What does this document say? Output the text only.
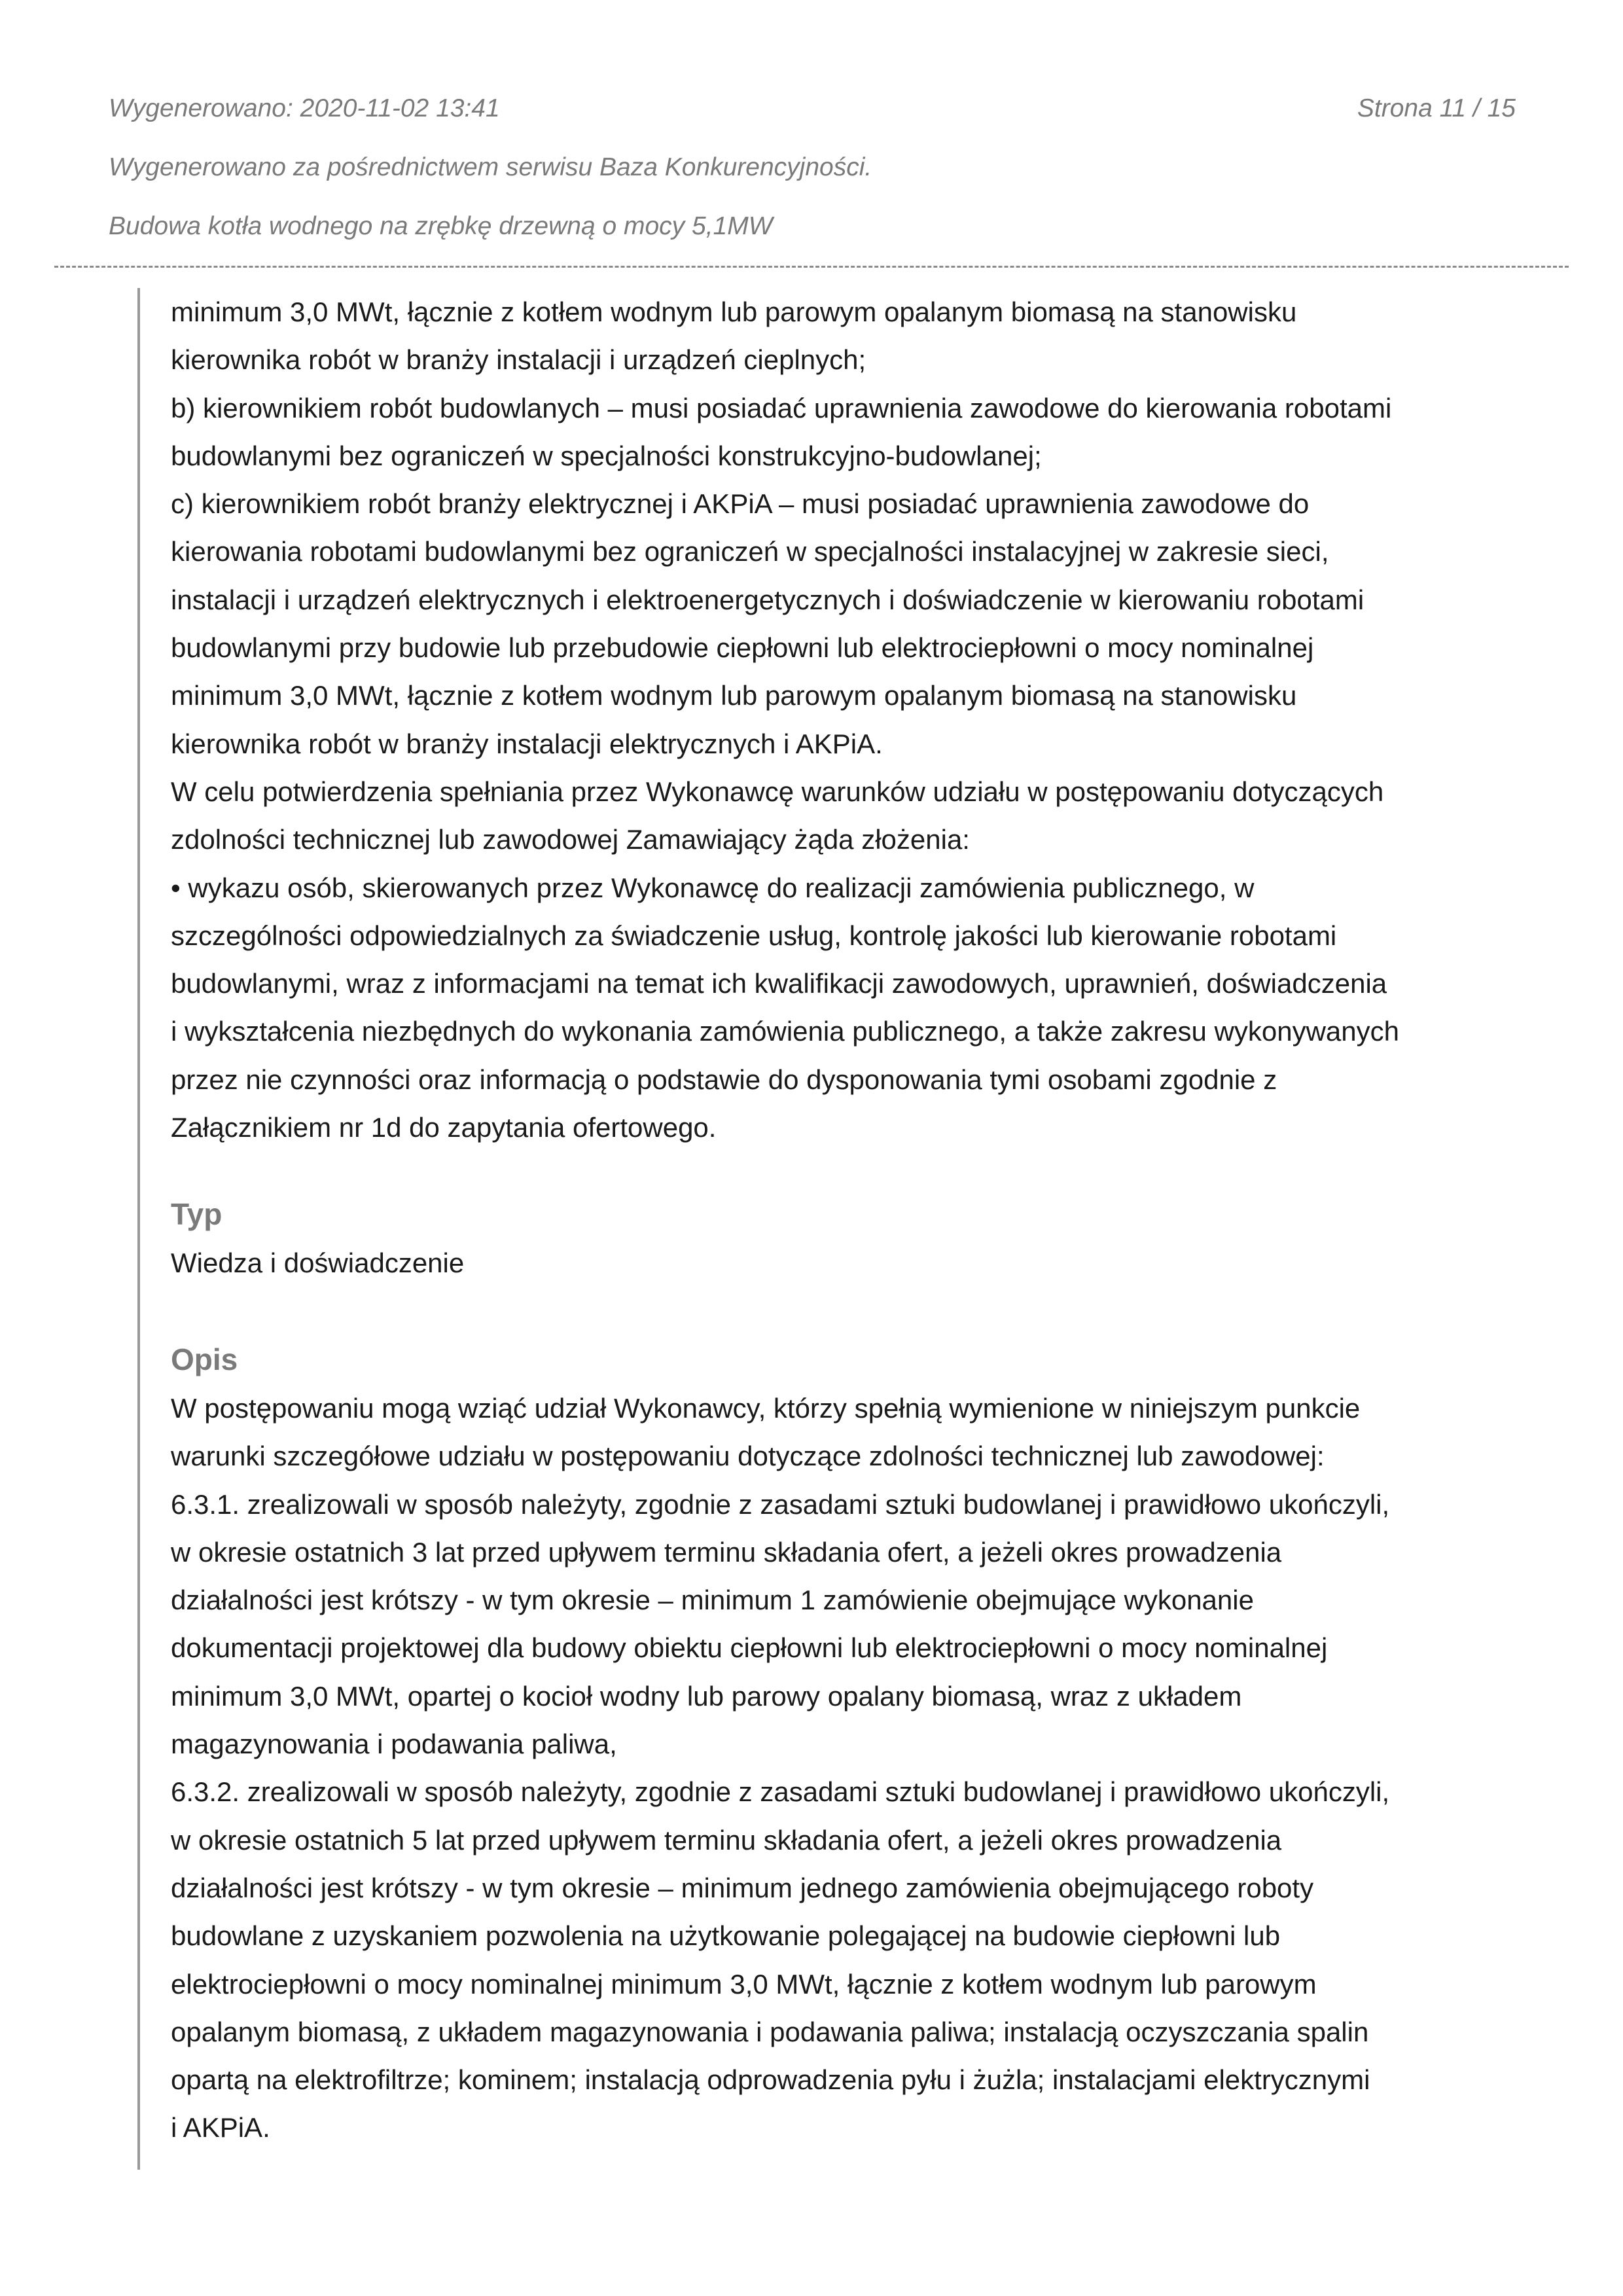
Wygenerowano: 2020-11-02 13:41	Strona 11 / 15

Wygenerowano za pośrednictwem serwisu Baza Konkurencyjności.

Budowa kotła wodnego na zrębkę drzewną o mocy 5,1MW

minimum 3,0 MWt, łącznie z kotłem wodnym lub parowym opalanym biomasą na stanowisku
kierownika robót w branży instalacji i urządzeń cieplnych;
b) kierownikiem robót budowlanych – musi posiadać uprawnienia zawodowe do kierowania robotami
budowlanymi bez ograniczeń w specjalności konstrukcyjno-budowlanej;
c) kierownikiem robót branży elektrycznej i AKPiA – musi posiadać uprawnienia zawodowe do
kierowania robotami budowlanymi bez ograniczeń w specjalności instalacyjnej w zakresie sieci,
instalacji i urządzeń elektrycznych i elektroenergetycznych i doświadczenie w kierowaniu robotami
budowlanymi przy budowie lub przebudowie ciepłowni lub elektrociepłowni o mocy nominalnej
minimum 3,0 MWt, łącznie z kotłem wodnym lub parowym opalanym biomasą na stanowisku
kierownika robót w branży instalacji elektrycznych i AKPiA.
W celu potwierdzenia spełniania przez Wykonawcę warunków udziału w postępowaniu dotyczących
zdolności technicznej lub zawodowej Zamawiający żąda złożenia:
• wykazu osób, skierowanych przez Wykonawcę do realizacji zamówienia publicznego, w
szczególności odpowiedzialnych za świadczenie usług, kontrolę jakości lub kierowanie robotami
budowlanymi, wraz z informacjami na temat ich kwalifikacji zawodowych, uprawnień, doświadczenia
i wykształcenia niezbędnych do wykonania zamówienia publicznego, a także zakresu wykonywanych
przez nie czynności oraz informacją o podstawie do dysponowania tymi osobami zgodnie z
Załącznikiem nr 1d do zapytania ofertowego.

Typ

Wiedza i doświadczenie

Opis

W postępowaniu mogą wziąć udział Wykonawcy, którzy spełnią wymienione w niniejszym punkcie
warunki szczegółowe udziału w postępowaniu dotyczące zdolności technicznej lub zawodowej:
6.3.1. zrealizowali w sposób należyty, zgodnie z zasadami sztuki budowlanej i prawidłowo ukończyli,
w okresie ostatnich 3 lat przed upływem terminu składania ofert, a jeżeli okres prowadzenia
działalności jest krótszy - w tym okresie – minimum 1 zamówienie obejmujące wykonanie
dokumentacji projektowej dla budowy obiektu ciepłowni lub elektrociepłowni o mocy nominalnej
minimum 3,0 MWt, opartej o kocioł wodny lub parowy opalany biomasą, wraz z układem
magazynowania i podawania paliwa,
6.3.2. zrealizowali w sposób należyty, zgodnie z zasadami sztuki budowlanej i prawidłowo ukończyli,
w okresie ostatnich 5 lat przed upływem terminu składania ofert, a jeżeli okres prowadzenia
działalności jest krótszy - w tym okresie – minimum jednego zamówienia obejmującego roboty
budowlane z uzyskaniem pozwolenia na użytkowanie polegającej na budowie ciepłowni lub
elektrociepłowni o mocy nominalnej minimum 3,0 MWt, łącznie z kotłem wodnym lub parowym
opalanym biomasą, z układem magazynowania i podawania paliwa; instalacją oczyszczania spalin
opartą na elektrofiltrze; kominem; instalacją odprowadzenia pyłu i żużla; instalacjami elektrycznymi
i AKPiA.
